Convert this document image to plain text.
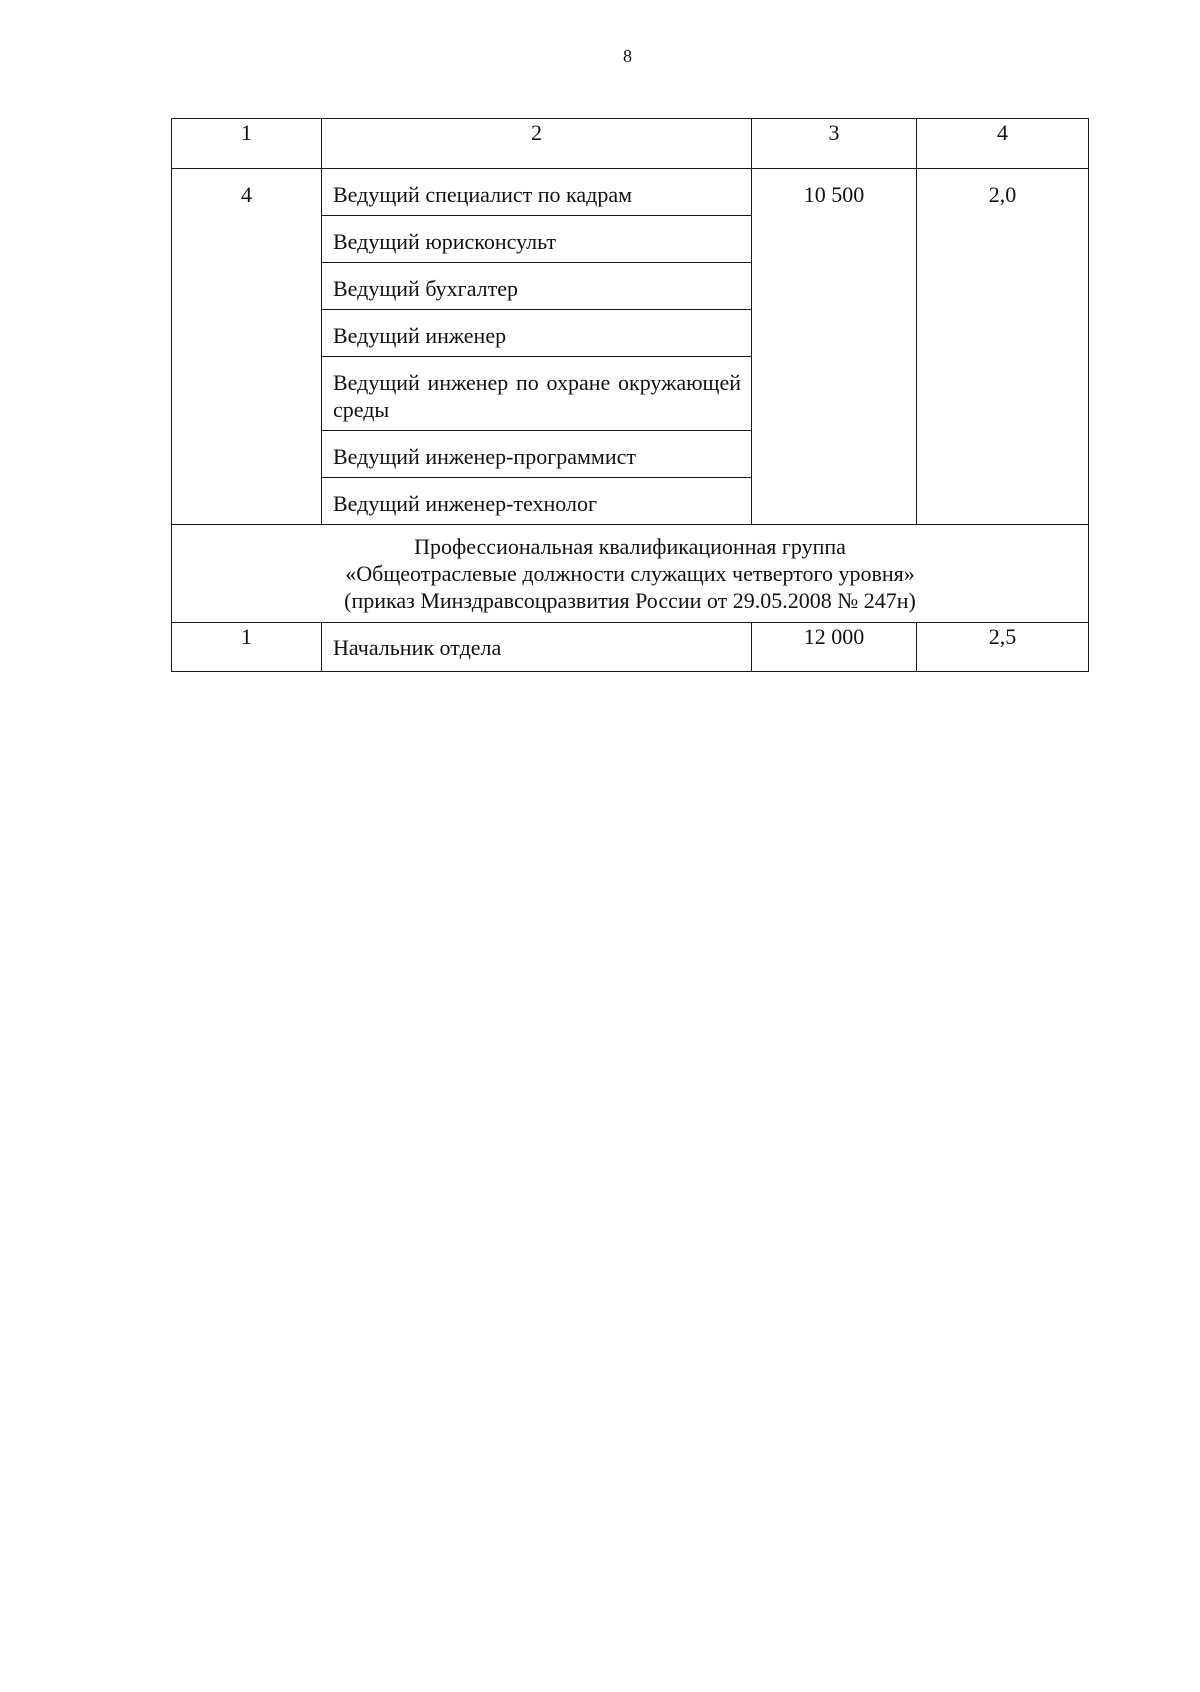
8
1	2	3	4
4	Ведущий специалист по кадрам	10 500	2,0
	Ведущий юрисконсульт		
	Ведущий бухгалтер		
	Ведущий инженер		
	Ведущий инженер по охране окружающей среды		
	Ведущий инженер-программист		
	Ведущий инженер-технолог		

Профессиональная квалификационная группа
«Общеотраслевые должности служащих четвертого уровня»
(приказ Минздравсоцразвития России от 29.05.2008 № 247н)			

1	Начальник отдела	12 000	2,5
